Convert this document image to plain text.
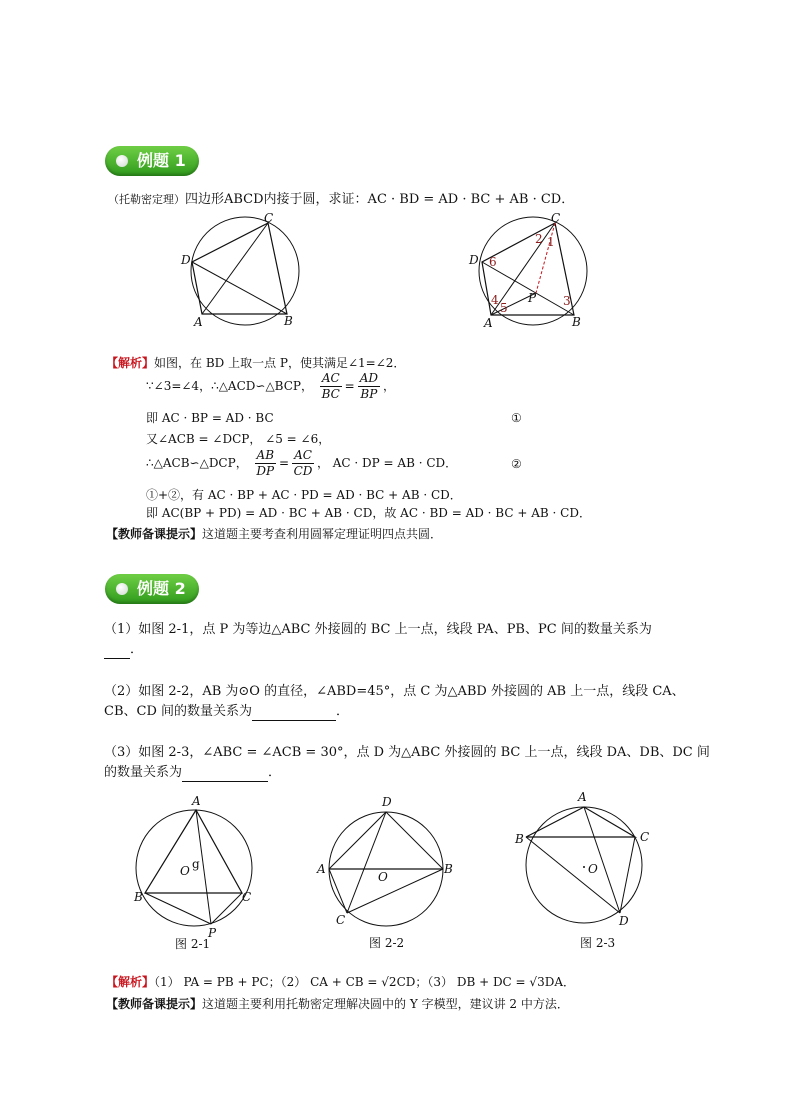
例题 1
（托勒密定理）四边形ABCD内接于圆，求证：AC · BD = AD · BC + AB · CD．
C
D
A	B
C
D
A	B
P
1
2
3
4
5
6
【解析】如图，在 BD 上取一点 P，使其满足∠1=∠2．
∵∠3=∠4，∴△ACD∽△BCP， $\frac{AC}{BC} = \frac{AD}{BP}$ ，
即 AC · BP = AD · BC	①
又∠ACB = ∠DCP， ∠5 = ∠6，
∴△ACB∽△DCP， $\frac{AB}{DP} = \frac{AC}{CD}$ ， AC · DP = AB · CD．	②
①+②，有 AC · BP + AC · PD = AD · BC + AB · CD．
即 AC(BP + PD) = AD · BC + AB · CD，故 AC · BD = AD · BC + AB · CD．
【教师备课提示】这道题主要考查利用圆幂定理证明四点共圆．
例题 2
（1）如图 2-1，点 P 为等边△ABC 外接圆的 BC 上一点，线段 PA、PB、PC 间的数量关系为
．
（2）如图 2-2，AB 为⊙O 的直径，∠ABD=45°，点 C 为△ABD 外接圆的 AB 上一点，线段 CA、
CB、CD 间的数量关系为	．
（3）如图 2-3，∠ABC = ∠ACB = 30°，点 D 为△ABC 外接圆的 BC 上一点，线段 DA、DB、DC 间
的数量关系为	．
A
B	C
P
O g
图 2-1
D
A	B
C
O
图 2-2
A
B	C
D
O
图 2-3
【解析】（1） PA = PB + PC；（2） CA + CB = √2CD；（3） DB + DC = √3DA．
【教师备课提示】这道题主要利用托勒密定理解决圆中的 Y 字模型，建议讲 2 中方法．
